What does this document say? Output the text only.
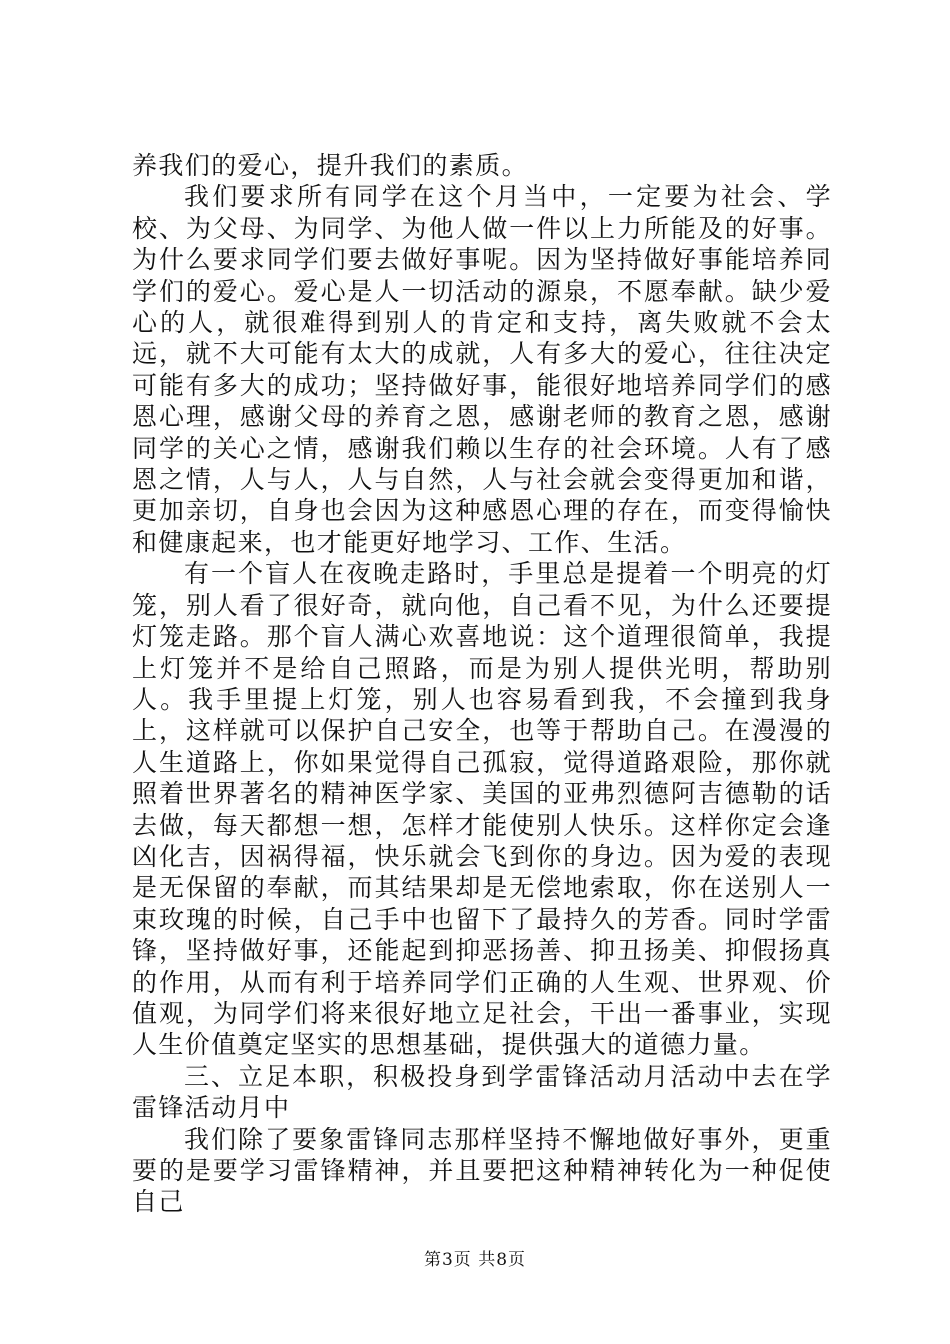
养我们的爱心，提升我们的素质。

我们要求所有同学在这个月当中，一定要为社会、学校、为父母、为同学、为他人做一件以上力所能及的好事。为什么要求同学们要去做好事呢。因为坚持做好事能培养同学们的爱心。爱心是人一切活动的源泉，不愿奉献。缺少爱心的人，就很难得到别人的肯定和支持，离失败就不会太远，就不大可能有太大的成就，人有多大的爱心，往往决定可能有多大的成功；坚持做好事，能很好地培养同学们的感恩心理，感谢父母的养育之恩，感谢老师的教育之恩，感谢同学的关心之情，感谢我们赖以生存的社会环境。人有了感恩之情，人与人，人与自然，人与社会就会变得更加和谐，更加亲切，自身也会因为这种感恩心理的存在，而变得愉快和健康起来，也才能更好地学习、工作、生活。

有一个盲人在夜晚走路时，手里总是提着一个明亮的灯笼，别人看了很好奇，就向他，自己看不见，为什么还要提灯笼走路。那个盲人满心欢喜地说：这个道理很简单，我提上灯笼并不是给自己照路，而是为别人提供光明，帮助别人。我手里提上灯笼，别人也容易看到我，不会撞到我身上，这样就可以保护自己安全，也等于帮助自己。在漫漫的人生道路上，你如果觉得自己孤寂，觉得道路艰险，那你就照着世界著名的精神医学家、美国的亚弗烈德阿吉德勒的话去做，每天都想一想，怎样才能使别人快乐。这样你定会逢凶化吉，因祸得福，快乐就会飞到你的身边。因为爱的表现是无保留的奉献，而其结果却是无偿地索取，你在送别人一束玫瑰的时候，自己手中也留下了最持久的芳香。同时学雷锋，坚持做好事，还能起到抑恶扬善、抑丑扬美、抑假扬真的作用，从而有利于培养同学们正确的人生观、世界观、价值观，为同学们将来很好地立足社会，干出一番事业，实现人生价值奠定坚实的思想基础，提供强大的道德力量。

三、立足本职，积极投身到学雷锋活动月活动中去在学雷锋活动月中

我们除了要象雷锋同志那样坚持不懈地做好事外，更重要的是要学习雷锋精神，并且要把这种精神转化为一种促使自己

第3页 共8页
